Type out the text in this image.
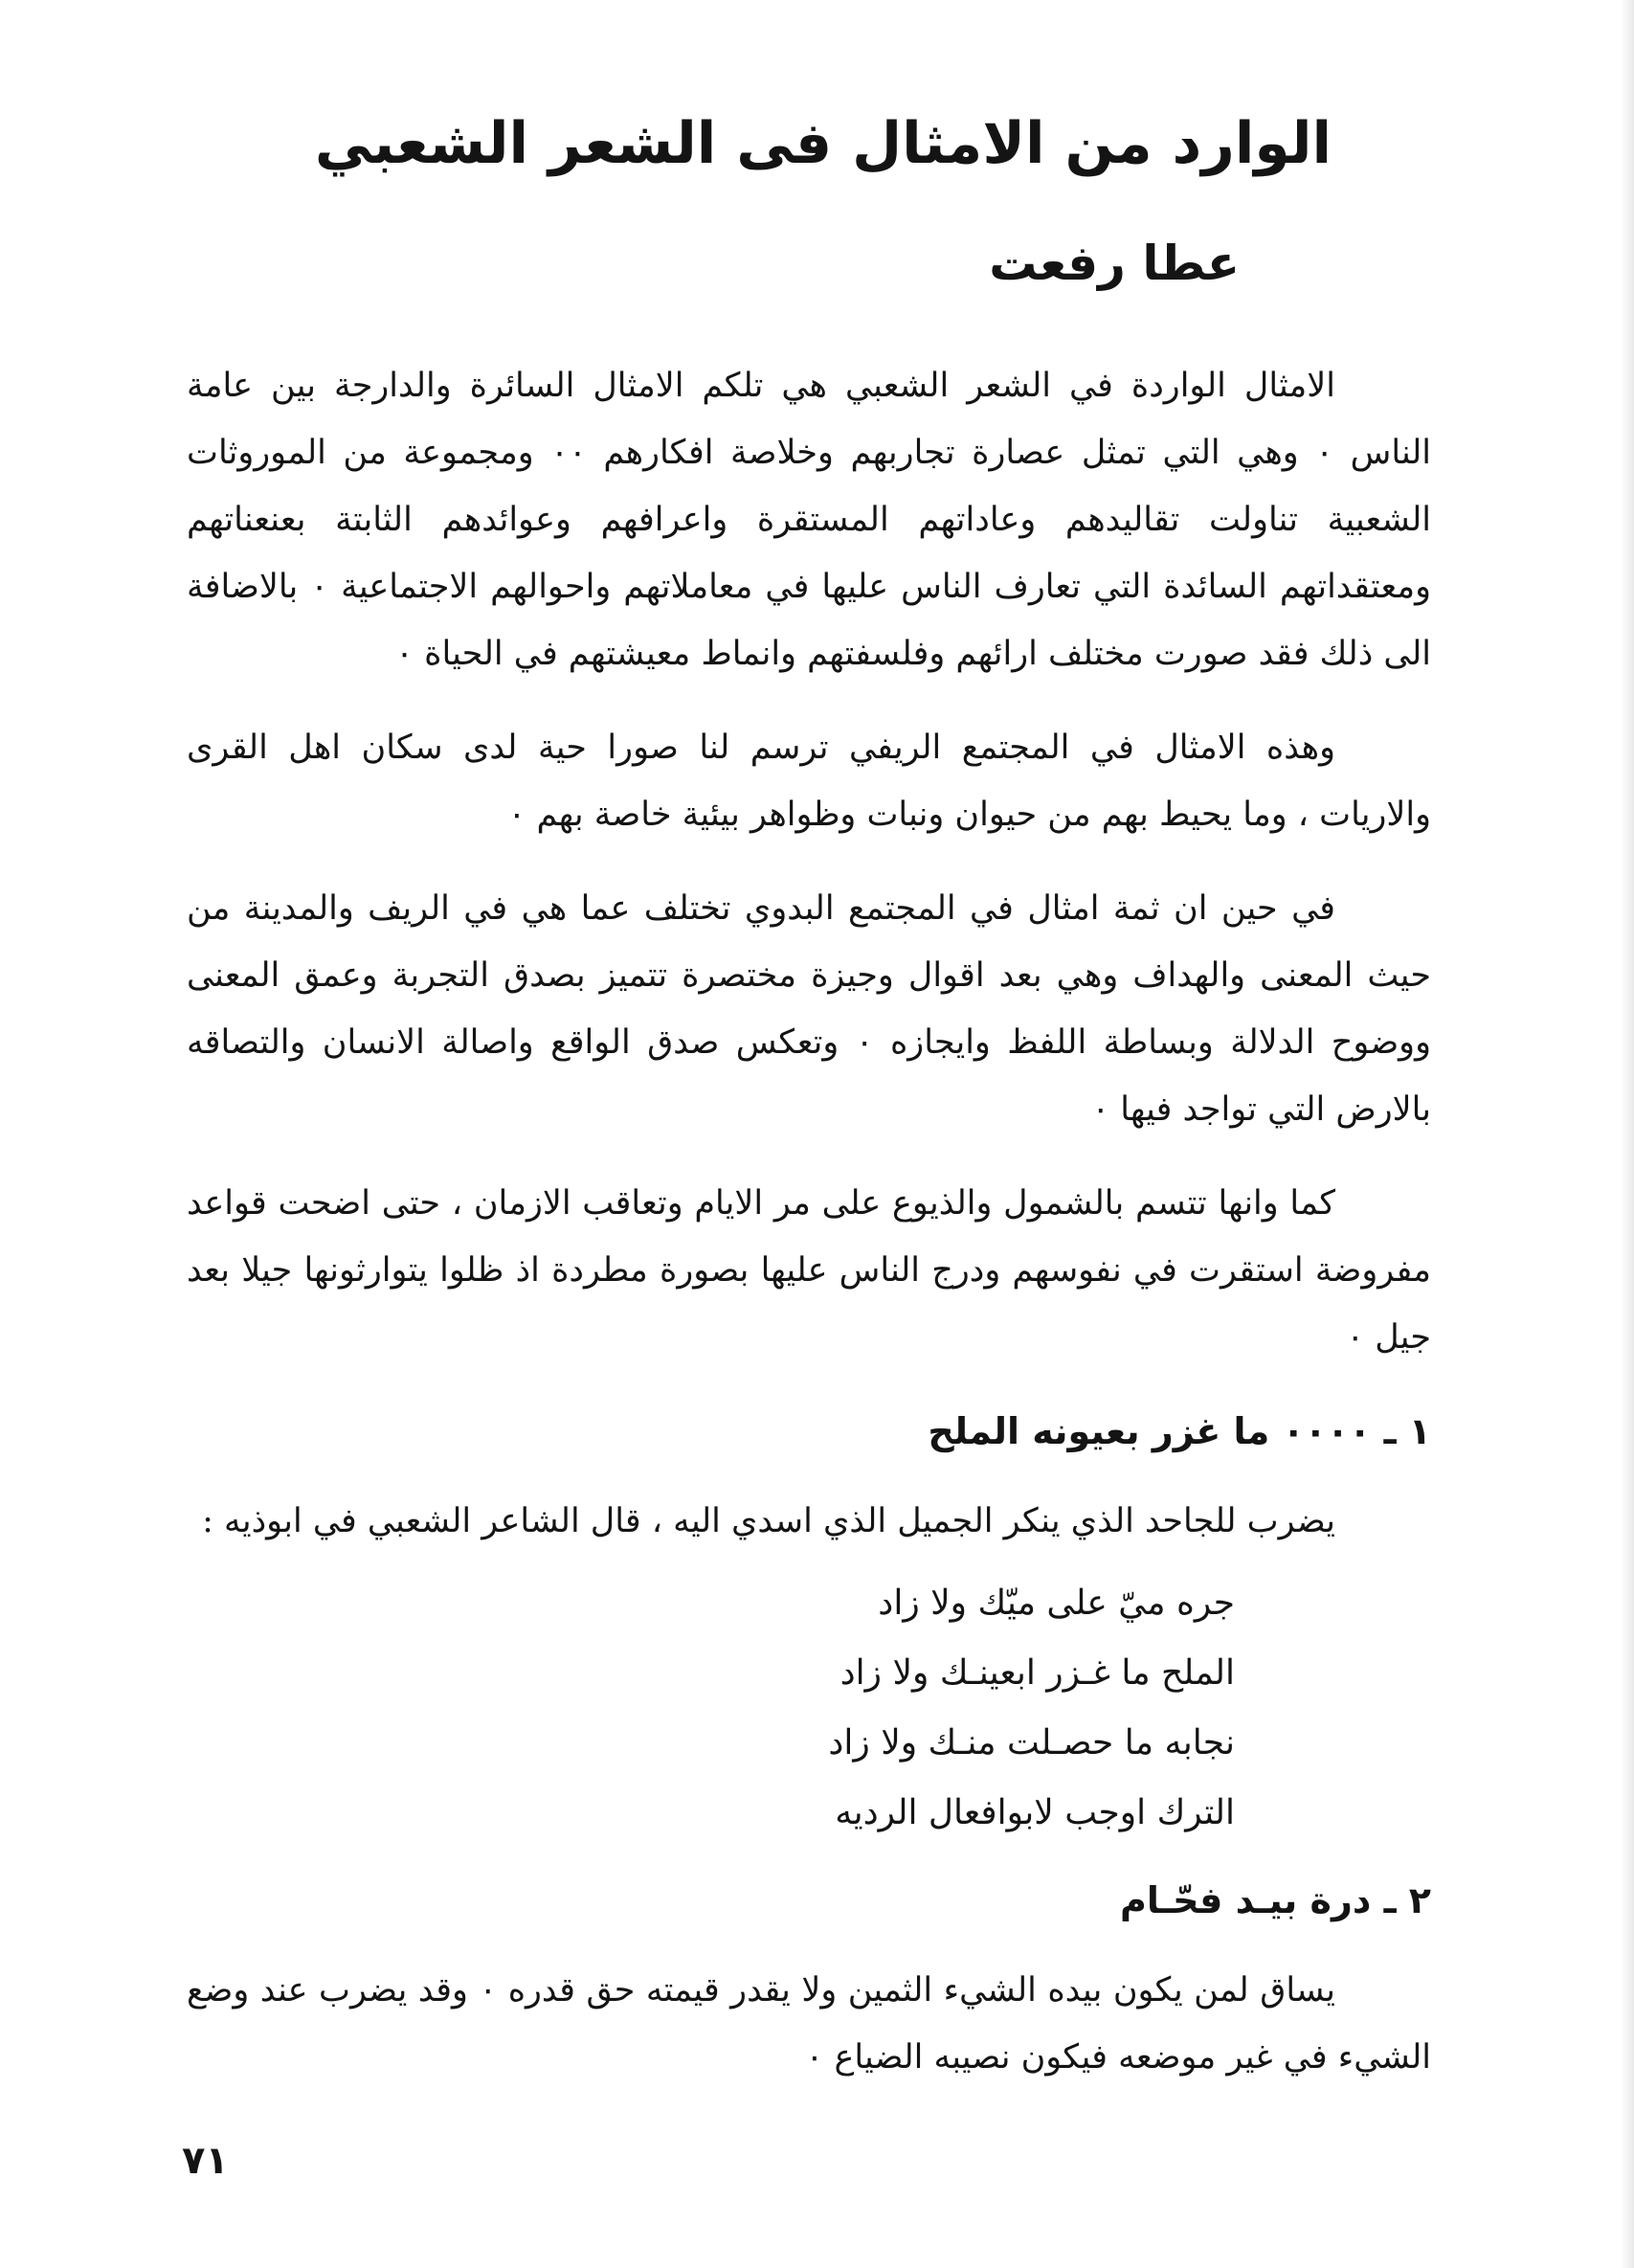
الوارد من الامثال فى الشعر الشعبي
عطا رفعت

الامثال الواردة في الشعر الشعبي هي تلكم الامثال السائرة والدارجة بين عامة الناس ٠ وهي التي تمثل عصارة تجاربهم وخلاصة افكارهم ٠٠ ومجموعة من الموروثات الشعبية تناولت تقاليدهم وعاداتهم المستقرة واعرافهم وعوائدهم الثابتة بعنعناتهم ومعتقداتهم السائدة التي تعارف الناس عليها في معاملاتهم واحوالهم الاجتماعية ٠ بالاضافة الى ذلك فقد صورت مختلف ارائهم وفلسفتهم وانماط معيشتهم في الحياة ٠

وهذه الامثال في المجتمع الريفي ترسم لنا صورا حية لدى سكان اهل القرى والاريات ، وما يحيط بهم من حيوان ونبات وظواهر بيئية خاصة بهم ٠

في حين ان ثمة امثال في المجتمع البدوي تختلف عما هي في الريف والمدينة من حيث المعنى والهداف وهي بعد اقوال وجيزة مختصرة تتميز بصدق التجربة وعمق المعنى ووضوح الدلالة وبساطة اللفظ وايجازه ٠ وتعكس صدق الواقع واصالة الانسان والتصاقه بالارض التي تواجد فيها ٠

كما وانها تتسم بالشمول والذيوع على مر الايام وتعاقب الازمان ، حتى اضحت قواعد مفروضة استقرت في نفوسهم ودرج الناس عليها بصورة مطردة اذ ظلوا يتوارثونها جيلا بعد جيل ٠

١ ـ ٠٠٠٠ ما غزر بعيونه الملح

يضرب للجاحد الذي ينكر الجميل الذي اسدي اليه ، قال الشاعر الشعبي في ابوذيه :

جره ميّ على ميّك ولا زاد
الملح ما غـزر ابعينـك ولا زاد
نجابه ما حصـلت منـك ولا زاد
الترك اوجب لابوافعال الرديه
٢ ـ درة بيـد فحّـام

يساق لمن يكون بيده الشيء الثمين ولا يقدر قيمته حق قدره ٠ وقد يضرب عند وضع الشيء في غير موضعه فيكون نصيبه الضياع ٠

٧١
